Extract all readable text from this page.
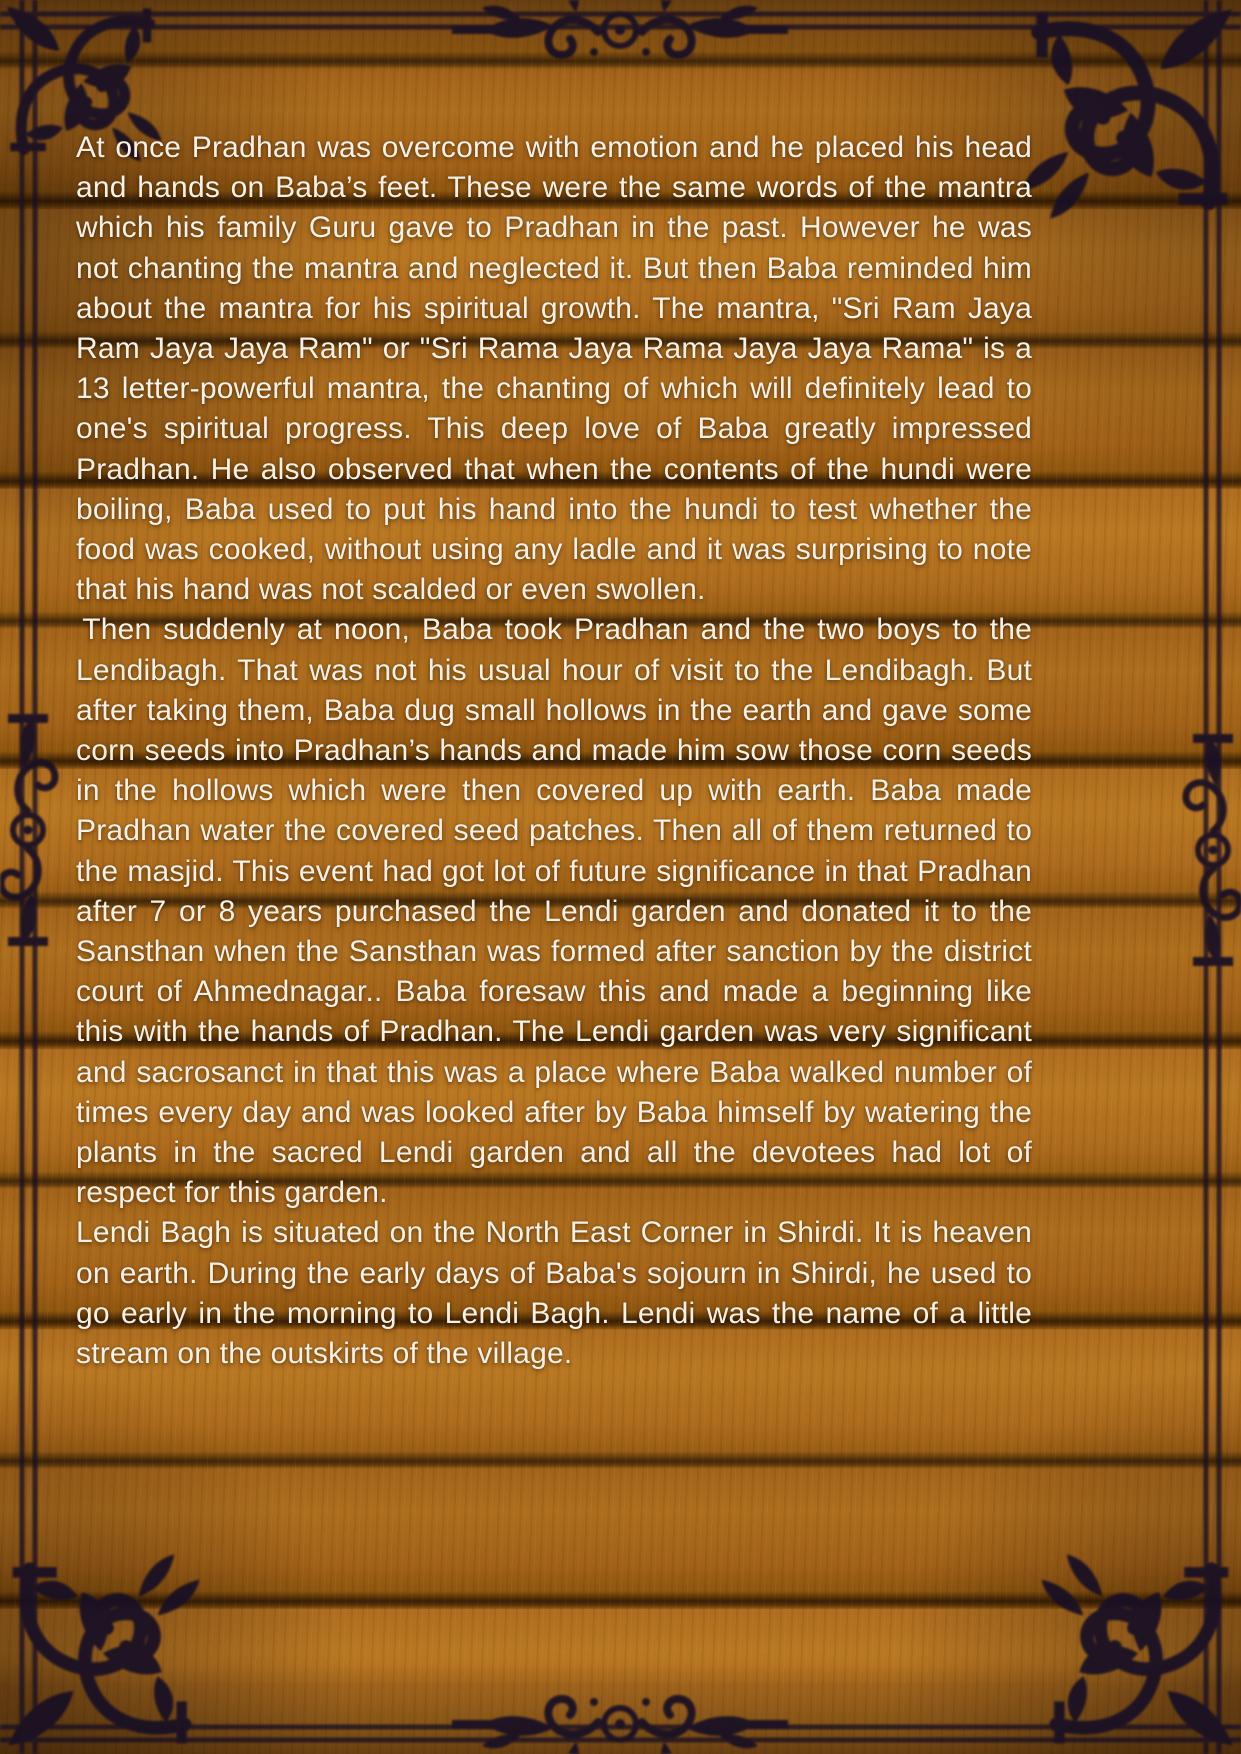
At once Pradhan was overcome with emotion and he placed his head and hands on Baba’s feet. These were the same words of the mantra which his family Guru gave to Pradhan in the past. However he was not chanting the mantra and neglected it. But then Baba reminded him about the mantra for his spiritual growth. The mantra, "Sri Ram Jaya Ram Jaya Jaya Ram" or "Sri Rama Jaya Rama Jaya Jaya Rama" is a 13 letter-powerful mantra, the chanting of which will definitely lead to one's spiritual progress. This deep love of Baba greatly impressed Pradhan. He also observed that when the contents of the hundi were boiling, Baba used to put his hand into the hundi to test whether the food was cooked, without using any ladle and it was surprising to note that his hand was not scalded or even swollen.

 Then suddenly at noon, Baba took Pradhan and the two boys to the Lendibagh. That was not his usual hour of visit to the Lendibagh. But after taking them, Baba dug small hollows in the earth and gave some corn seeds into Pradhan’s hands and made him sow those corn seeds in the hollows which were then covered up with earth. Baba made Pradhan water the covered seed patches. Then all of them returned to the masjid. This event had got lot of future significance in that Pradhan after 7 or 8 years purchased the Lendi garden and donated it to the Sansthan when the Sansthan was formed after sanction by the district court of Ahmednagar.. Baba foresaw this and made a beginning like this with the hands of Pradhan. The Lendi garden was very significant and sacrosanct in that this was a place where Baba walked number of times every day and was looked after by Baba himself by watering the plants in the sacred Lendi garden and all the devotees had lot of respect for this garden.

Lendi Bagh is situated on the North East Corner in Shirdi. It is heaven on earth. During the early days of Baba's sojourn in Shirdi, he used to go early in the morning to Lendi Bagh. Lendi was the name of a little stream on the outskirts of the village.
